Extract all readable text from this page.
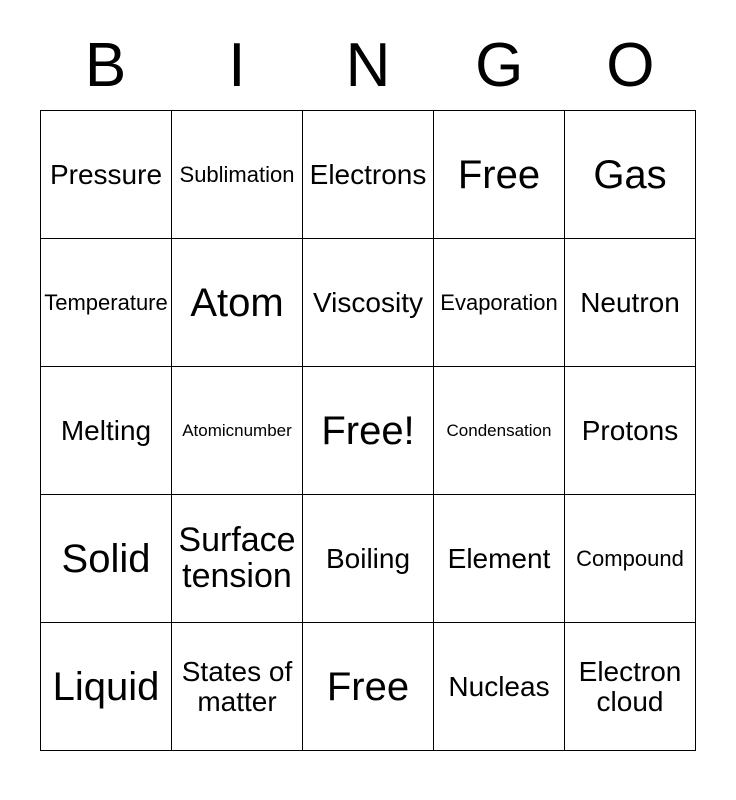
B	I	N	G	O
Pressure	Sublimation	Electrons	Free	Gas
Temperature	Atom	Viscosity	Evaporation	Neutron
Melting	Atomicnumber	Free!	Condensation	Protons
Solid	Surface tension	Boiling	Element	Compound
Liquid	States of matter	Free	Nucleas	Electron cloud
